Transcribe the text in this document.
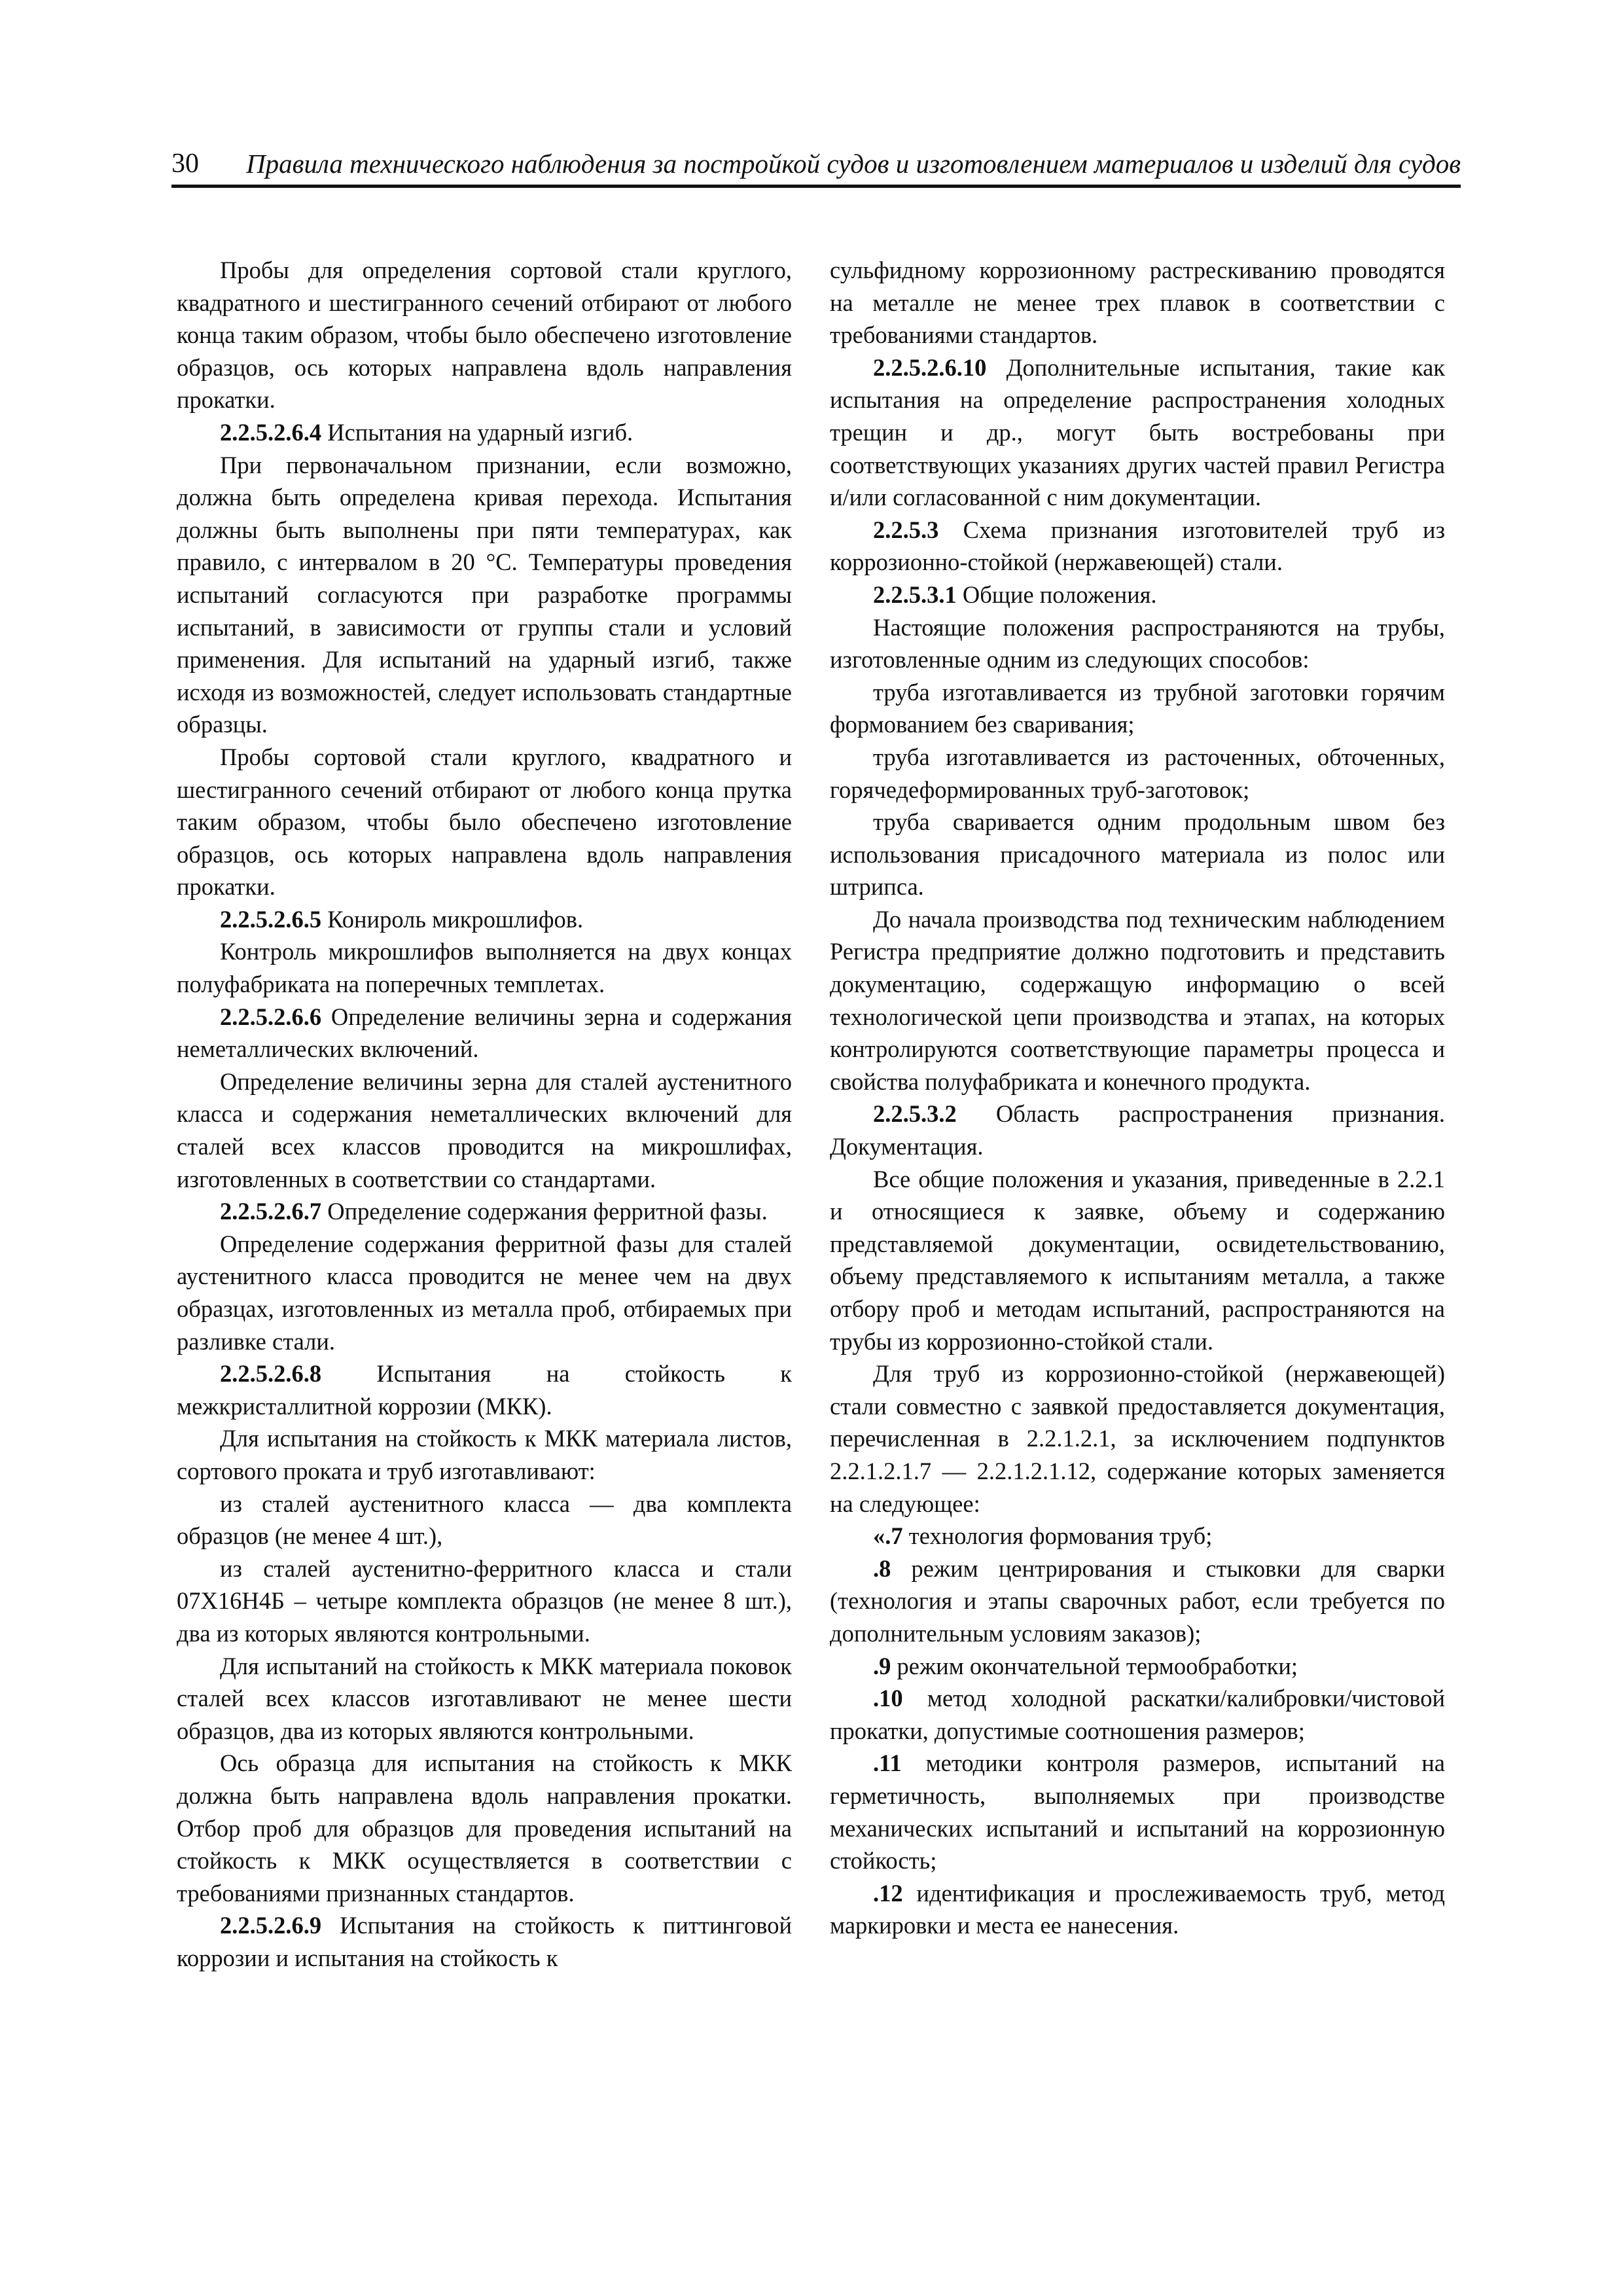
30 Правила технического наблюдения за постройкой судов и изготовлением материалов и изделий для судов

Пробы для определения сортовой стали круглого, квадратного и шестигранного сечений отбирают от любого конца таким образом, чтобы было обеспечено изготовление образцов, ось которых направлена вдоль направления прокатки.

2.2.5.2.6.4 Испытания на ударный изгиб.

При первоначальном признании, если возможно, должна быть определена кривая перехода. Испытания должны быть выполнены при пяти температурах, как правило, с интервалом в 20 °С. Температуры проведения испытаний согласуются при разработке программы испытаний, в зависимости от группы стали и условий применения. Для испытаний на ударный изгиб, также исходя из возможностей, следует использовать стандартные образцы.

Пробы сортовой стали круглого, квадратного и шестигранного сечений отбирают от любого конца прутка таким образом, чтобы было обеспечено изготовление образцов, ось которых направлена вдоль направления прокатки.

2.2.5.2.6.5 Конироль микрошлифов.

Контроль микрошлифов выполняется на двух концах полуфабриката на поперечных темплетах.

2.2.5.2.6.6 Определение величины зерна и содержания неметаллических включений.

Определение величины зерна для сталей аустенитного класса и содержания неметаллических включений для сталей всех классов проводится на микрошлифах, изготовленных в соответствии со стандартами.

2.2.5.2.6.7 Определение содержания ферритной фазы.

Определение содержания ферритной фазы для сталей аустенитного класса проводится не менее чем на двух образцах, изготовленных из металла проб, отбираемых при разливке стали.

2.2.5.2.6.8 Испытания на стойкость к межкристаллитной коррозии (МКК).

Для испытания на стойкость к МКК материала листов, сортового проката и труб изготавливают:

из сталей аустенитного класса — два комплекта образцов (не менее 4 шт.),

из сталей аустенитно-ферритного класса и стали 07Х16Н4Б – четыре комплекта образцов (не менее 8 шт.), два из которых являются контрольными.

Для испытаний на стойкость к МКК материала поковок сталей всех классов изготавливают не менее шести образцов, два из которых являются контрольными.

Ось образца для испытания на стойкость к МКК должна быть направлена вдоль направления прокатки. Отбор проб для образцов для проведения испытаний на стойкость к МКК осуществляется в соответствии с требованиями признанных стандартов.

2.2.5.2.6.9 Испытания на стойкость к питтинговой коррозии и испытания на стойкость к

сульфидному коррозионному растрескиванию проводятся на металле не менее трех плавок в соответствии с требованиями стандартов.

2.2.5.2.6.10 Дополнительные испытания, такие как испытания на определение распространения холодных трещин и др., могут быть востребованы при соответствующих указаниях других частей правил Регистра и/или согласованной с ним документации.

2.2.5.3 Схема признания изготовителей труб из коррозионно-стойкой (нержавеющей) стали.

2.2.5.3.1 Общие положения.

Настоящие положения распространяются на трубы, изготовленные одним из следующих способов:

труба изготавливается из трубной заготовки горячим формованием без сваривания;

труба изготавливается из расточенных, обточенных, горячедеформированных труб-заготовок;

труба сваривается одним продольным швом без использования присадочного материала из полос или штрипса.

До начала производства под техническим наблюдением Регистра предприятие должно подготовить и представить документацию, содержащую информацию о всей технологической цепи производства и этапах, на которых контролируются соответствующие параметры процесса и свойства полуфабриката и конечного продукта.

2.2.5.3.2 Область распространения признания. Документация.

Все общие положения и указания, приведенные в 2.2.1 и относящиеся к заявке, объему и содержанию представляемой документации, освидетельствованию, объему представляемого к испытаниям металла, а также отбору проб и методам испытаний, распространяются на трубы из коррозионно-стойкой стали.

Для труб из коррозионно-стойкой (нержавеющей) стали совместно с заявкой предоставляется документация, перечисленная в 2.2.1.2.1, за исключением подпунктов 2.2.1.2.1.7 — 2.2.1.2.1.12, содержание которых заменяется на следующее:

«.7 технология формования труб;

.8 режим центрирования и стыковки для сварки (технология и этапы сварочных работ, если требуется по дополнительным условиям заказов);

.9 режим окончательной термообработки;

.10 метод холодной раскатки/калибровки/чистовой прокатки, допустимые соотношения размеров;

.11 методики контроля размеров, испытаний на герметичность, выполняемых при производстве механических испытаний и испытаний на коррозионную стойкость;

.12 идентификация и прослеживаемость труб, метод маркировки и места ее нанесения.
